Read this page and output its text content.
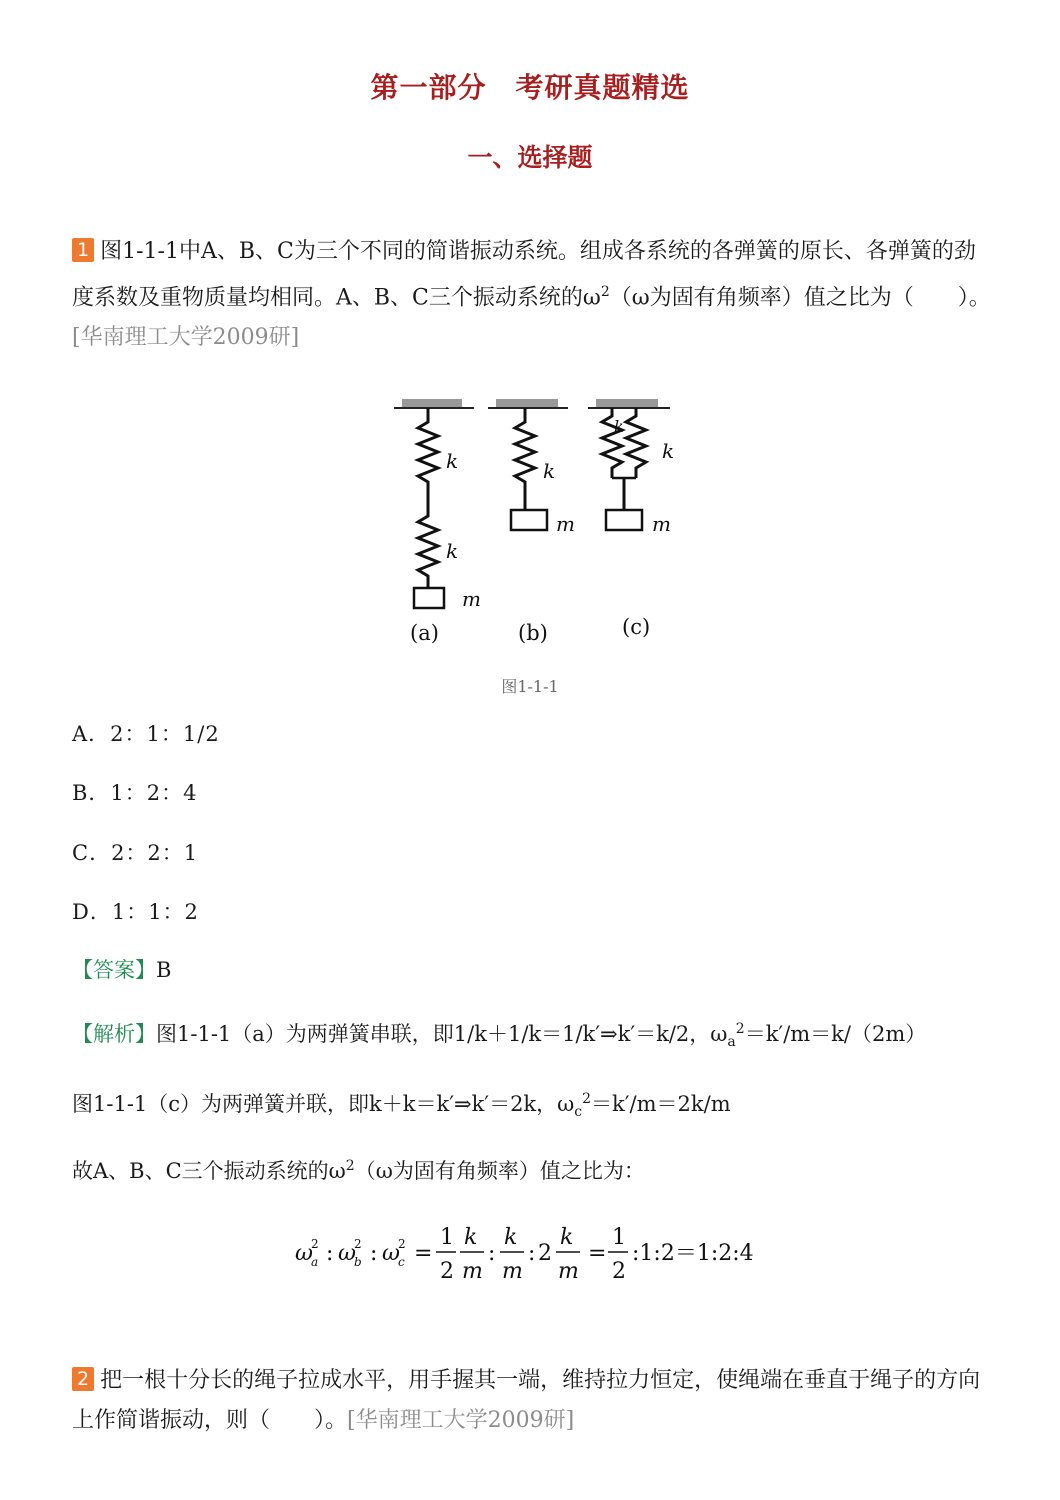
第一部分　考研真题精选
一、选择题
1 图1-1-1中A、B、C为三个不同的简谐振动系统。组成各系统的各弹簧的原长、各弹簧的劲度系数及重物质量均相同。A、B、C三个振动系统的$\omega^2(\omega$为固有角频率）值之比为（　　）。[华南理工大学2009研]
k
k
m
k
m
k
k
m
(a)	(b)	(c)
图1-1-1
A．2：1：1/2
B．1：2：4
C．2：2：1
D．1：1：2
【答案】B
【解析】图1-1-1（a）为两弹簧串联，即1/k＋1/k＝1/k′⇒k′＝k/2，$\omega_a^2=k'/m=k/(2m)$
图1-1-1（c）为两弹簧并联，即k＋k＝k′⇒k′＝2k，$\omega_c^2=k'/m=2k/m$
故A、B、C三个振动系统的$\omega^2(\omega$为固有角频率）值之比为：
ω
2
a : ω
2
b : ω
2
c =
1
2
k
m
:
k
m
: 2
k
m
=
1
2
:1:2＝1:2:4
2 把一根十分长的绳子拉成水平，用手握其一端，维持拉力恒定，使绳端在垂直于绳子的方向上作简谐振动，则（　　）。[华南理工大学2009研]
